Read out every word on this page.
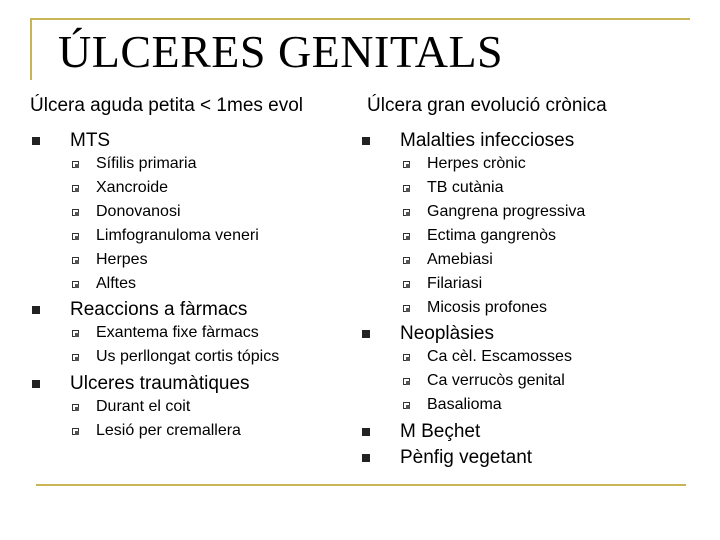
ÚLCERES GENITALS
Úlcera aguda petita < 1mes evol	Úlcera gran evolució crònica
MTS
Sífilis primaria
Xancroide
Donovanosi
Limfogranuloma veneri
Herpes
Alftes
Reaccions a fàrmacs
Exantema fixe fàrmacs
Us perllongat cortis tópics
Ulceres traumàtiques
Durant el coit
Lesió per cremallera
Malalties infeccioses
Herpes crònic
TB cutània
Gangrena progressiva
Ectima gangrenòs
Amebiasi
Filariasi
Micosis profones
Neoplàsies
Ca cèl. Escamosses
Ca verrucòs genital
Basalioma
M Beçhet
Pènfig vegetant
